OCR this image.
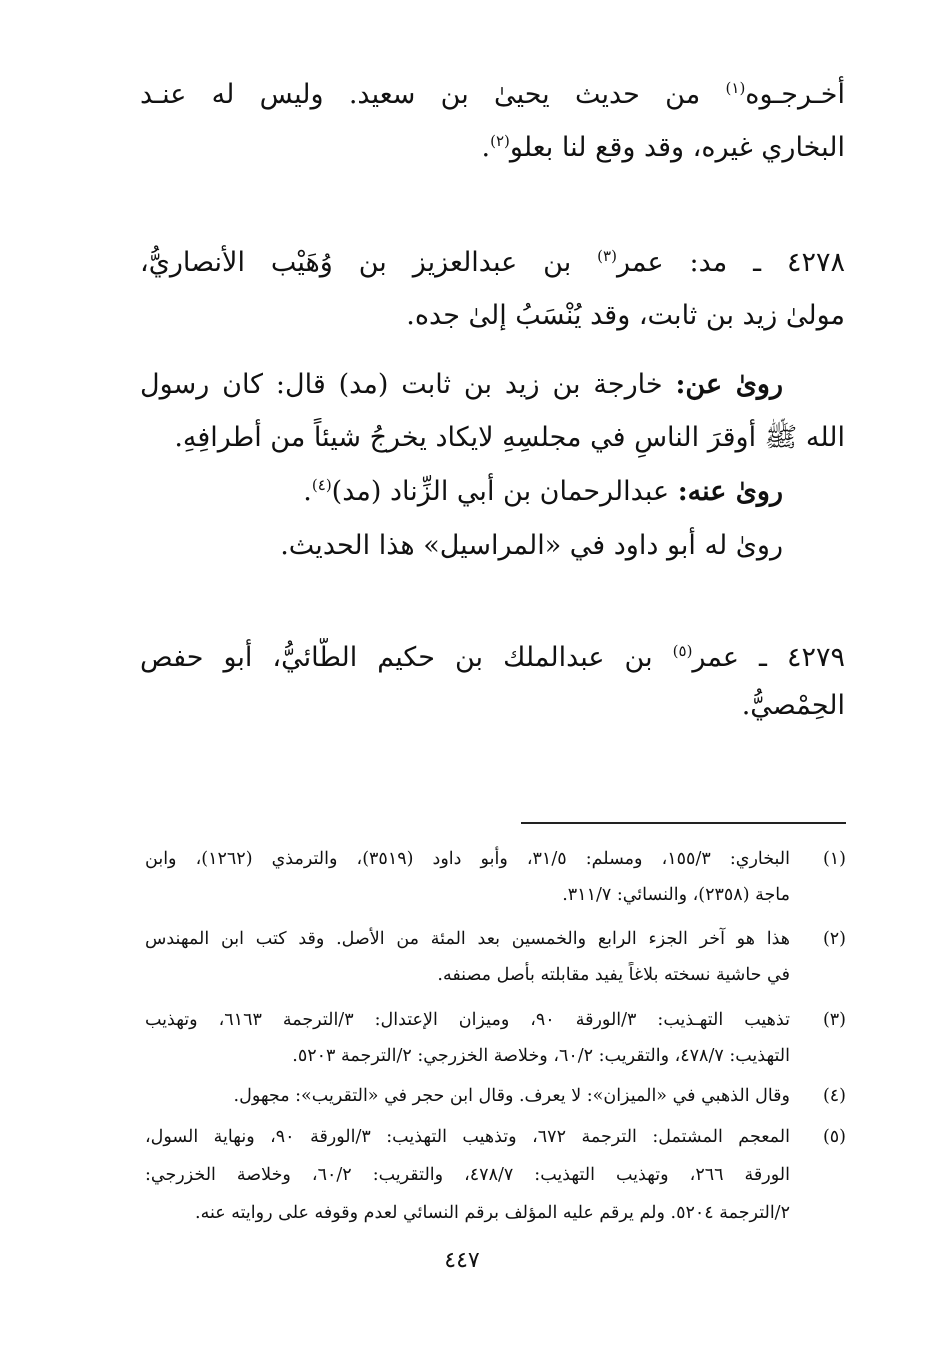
أخـرجـوه$^{(١)}$ من حديث يحيىٰ بن سعيد. وليس له عنـد
البخاري غيره، وقد وقع لنا بعلو$^{(٢)}$.
٤٢٧٨ ـ مد: عمر$^{(٣)}$ بن عبدالعزيز بن وُهَيْب الأنصاريُّ،
مولىٰ زيد بن ثابت، وقد يُنْسَبُ إلىٰ جده.
روىٰ عن: خارجة بن زيد بن ثابت (مد) قال: كان رسول
الله ﷺ أوقرَ الناسِ في مجلسِهِ لايكاد يخرجُ شيئاً من أطرافِهِ.
روىٰ عنه: عبدالرحمان بن أبي الزِّناد (مد)$^{(٤)}$.
روىٰ له أبو داود في «المراسيل» هذا الحديث.
٤٢٧٩ ـ عمر$^{(٥)}$ بن عبدالملك بن حكيم الطَّائيُّ، أبو حفص
الحِمْصيُّ.
(١)
البخاري: ١٥٥/٣، ومسلم: ٣١/٥، وأبو داود (٣٥١٩)، والترمذي (١٢٦٢)، وابن
ماجة (٢٣٥٨)، والنسائي: ٣١١/٧.
(٢)
هذا هو آخر الجزء الرابع والخمسين بعد المئة من الأصل. وقد كتب ابن المهندس
في حاشية نسخته بلاغاً يفيد مقابلته بأصل مصنفه.
(٣)
تذهيب التهـذيب: ٣/الورقة ٩٠، وميزان الإعتدال: ٣/الترجمة ٦١٦٣، وتهذيب
التهذيب: ٤٧٨/٧، والتقريب: ٦٠/٢، وخلاصة الخزرجي: ٢/الترجمة ٥٢٠٣.
(٤)
وقال الذهبي في «الميزان»: لا يعرف. وقال ابن حجر في «التقريب»: مجهول.
(٥)
المعجم المشتمل: الترجمة ٦٧٢، وتذهيب التهذيب: ٣/الورقة ٩٠، ونهاية السول،
الورقة ٢٦٦، وتهذيب التهذيب: ٤٧٨/٧، والتقريب: ٦٠/٢، وخلاصة الخزرجي:
٢/الترجمة ٥٢٠٤. ولم يرقم عليه المؤلف برقم النسائي لعدم وقوفه على روايته عنه.
٤٤٧
